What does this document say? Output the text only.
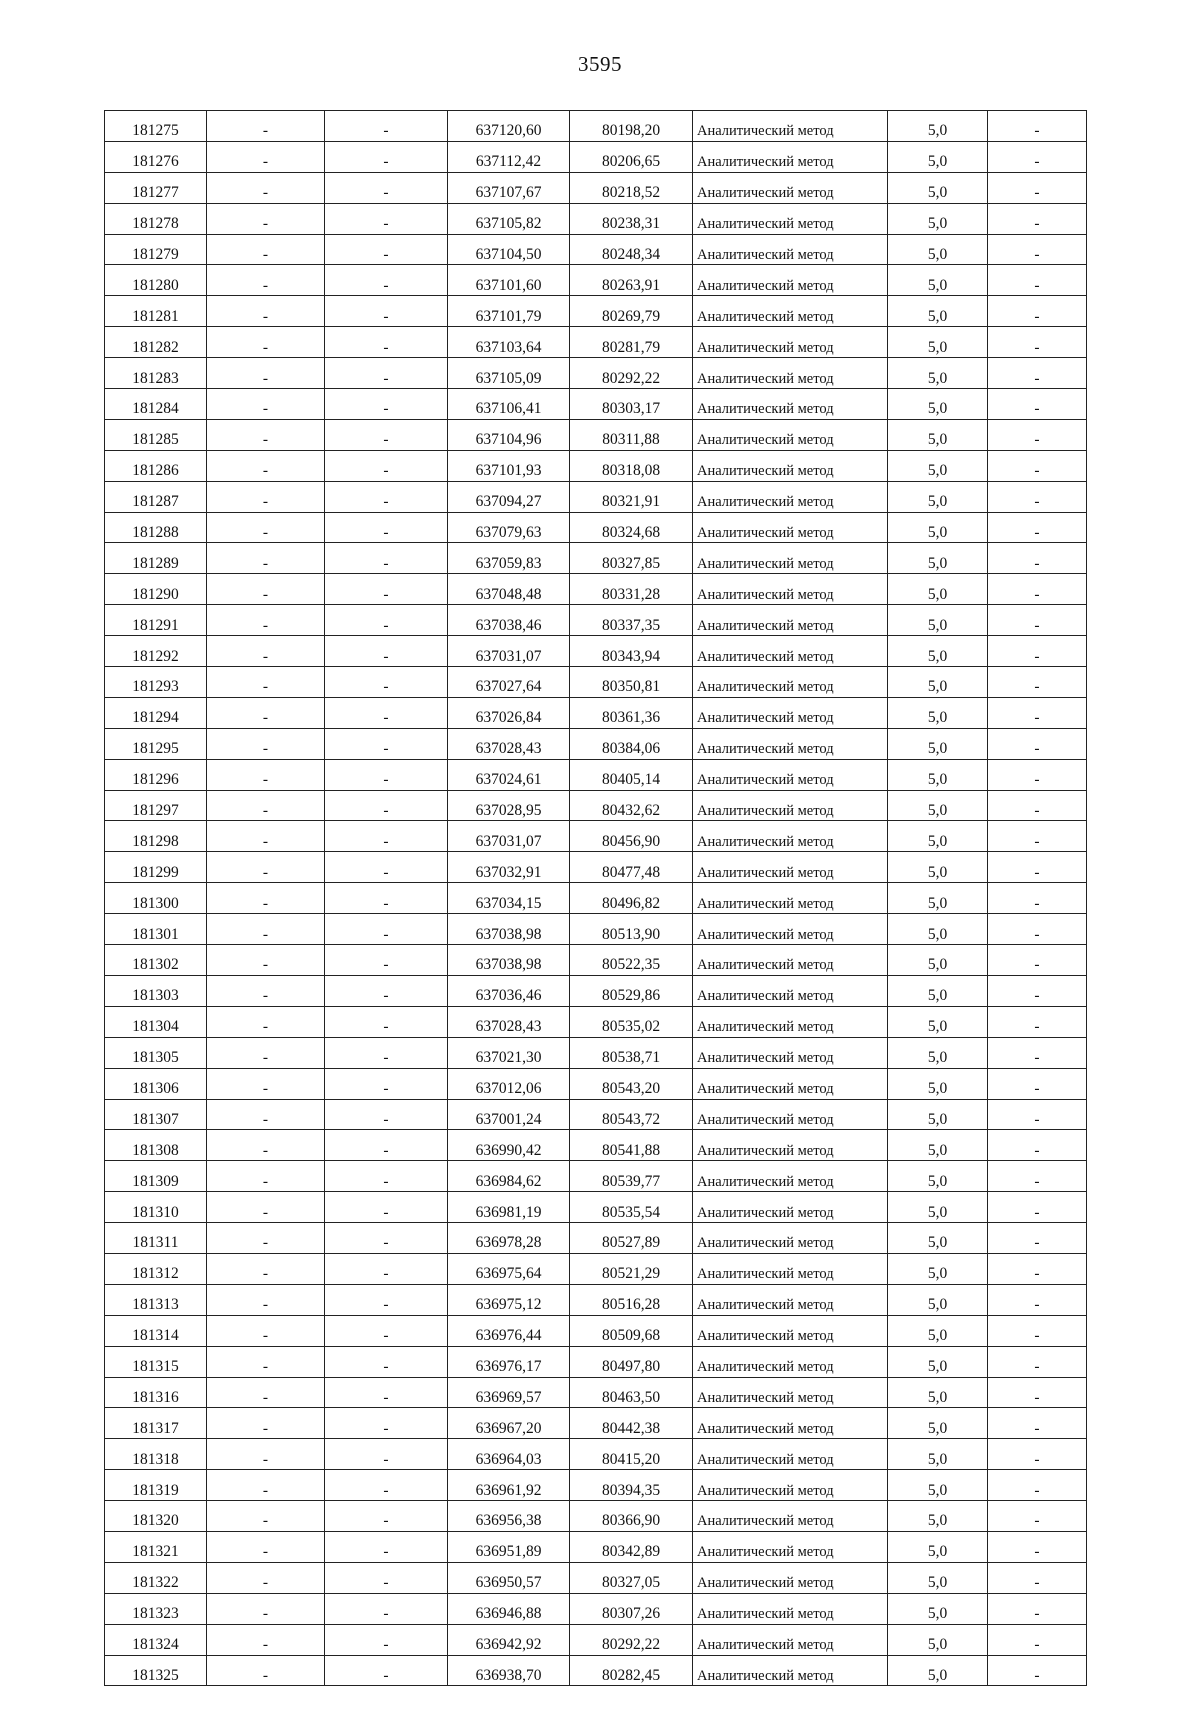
3595
181275	-	-	637120,60	80198,20	Аналитический метод	5,0	-
181276	-	-	637112,42	80206,65	Аналитический метод	5,0	-
181277	-	-	637107,67	80218,52	Аналитический метод	5,0	-
181278	-	-	637105,82	80238,31	Аналитический метод	5,0	-
181279	-	-	637104,50	80248,34	Аналитический метод	5,0	-
181280	-	-	637101,60	80263,91	Аналитический метод	5,0	-
181281	-	-	637101,79	80269,79	Аналитический метод	5,0	-
181282	-	-	637103,64	80281,79	Аналитический метод	5,0	-
181283	-	-	637105,09	80292,22	Аналитический метод	5,0	-
181284	-	-	637106,41	80303,17	Аналитический метод	5,0	-
181285	-	-	637104,96	80311,88	Аналитический метод	5,0	-
181286	-	-	637101,93	80318,08	Аналитический метод	5,0	-
181287	-	-	637094,27	80321,91	Аналитический метод	5,0	-
181288	-	-	637079,63	80324,68	Аналитический метод	5,0	-
181289	-	-	637059,83	80327,85	Аналитический метод	5,0	-
181290	-	-	637048,48	80331,28	Аналитический метод	5,0	-
181291	-	-	637038,46	80337,35	Аналитический метод	5,0	-
181292	-	-	637031,07	80343,94	Аналитический метод	5,0	-
181293	-	-	637027,64	80350,81	Аналитический метод	5,0	-
181294	-	-	637026,84	80361,36	Аналитический метод	5,0	-
181295	-	-	637028,43	80384,06	Аналитический метод	5,0	-
181296	-	-	637024,61	80405,14	Аналитический метод	5,0	-
181297	-	-	637028,95	80432,62	Аналитический метод	5,0	-
181298	-	-	637031,07	80456,90	Аналитический метод	5,0	-
181299	-	-	637032,91	80477,48	Аналитический метод	5,0	-
181300	-	-	637034,15	80496,82	Аналитический метод	5,0	-
181301	-	-	637038,98	80513,90	Аналитический метод	5,0	-
181302	-	-	637038,98	80522,35	Аналитический метод	5,0	-
181303	-	-	637036,46	80529,86	Аналитический метод	5,0	-
181304	-	-	637028,43	80535,02	Аналитический метод	5,0	-
181305	-	-	637021,30	80538,71	Аналитический метод	5,0	-
181306	-	-	637012,06	80543,20	Аналитический метод	5,0	-
181307	-	-	637001,24	80543,72	Аналитический метод	5,0	-
181308	-	-	636990,42	80541,88	Аналитический метод	5,0	-
181309	-	-	636984,62	80539,77	Аналитический метод	5,0	-
181310	-	-	636981,19	80535,54	Аналитический метод	5,0	-
181311	-	-	636978,28	80527,89	Аналитический метод	5,0	-
181312	-	-	636975,64	80521,29	Аналитический метод	5,0	-
181313	-	-	636975,12	80516,28	Аналитический метод	5,0	-
181314	-	-	636976,44	80509,68	Аналитический метод	5,0	-
181315	-	-	636976,17	80497,80	Аналитический метод	5,0	-
181316	-	-	636969,57	80463,50	Аналитический метод	5,0	-
181317	-	-	636967,20	80442,38	Аналитический метод	5,0	-
181318	-	-	636964,03	80415,20	Аналитический метод	5,0	-
181319	-	-	636961,92	80394,35	Аналитический метод	5,0	-
181320	-	-	636956,38	80366,90	Аналитический метод	5,0	-
181321	-	-	636951,89	80342,89	Аналитический метод	5,0	-
181322	-	-	636950,57	80327,05	Аналитический метод	5,0	-
181323	-	-	636946,88	80307,26	Аналитический метод	5,0	-
181324	-	-	636942,92	80292,22	Аналитический метод	5,0	-
181325	-	-	636938,70	80282,45	Аналитический метод	5,0	-
